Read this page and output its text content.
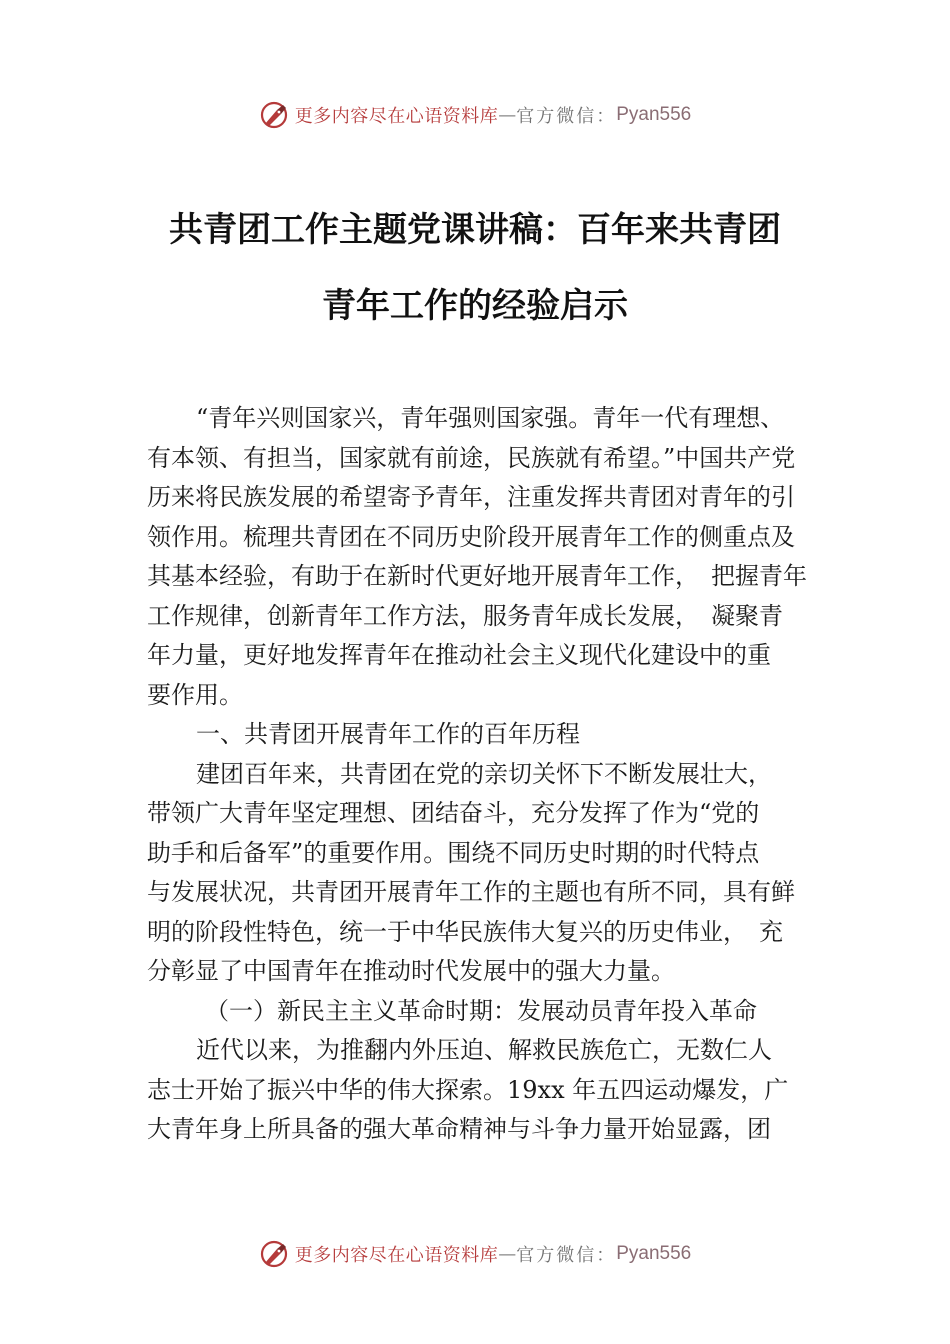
更多内容尽在心语资料库 — 官方微信： Pyan556
共青团工作主题党课讲稿：百年来共青团
青年工作的经验启示
“青年兴则国家兴，青年强则国家强。青年一代有理想、
有本领、有担当，国家就有前途，民族就有希望。”中国共产党
历来将民族发展的希望寄予青年，注重发挥共青团对青年的引
领作用。梳理共青团在不同历史阶段开展青年工作的侧重点及
其基本经验，有助于在新时代更好地开展青年工作，　把握青年
工作规律，创新青年工作方法，服务青年成长发展，　凝聚青
年力量，更好地发挥青年在推动社会主义现代化建设中的重
要作用。
一、共青团开展青年工作的百年历程
建团百年来，共青团在党的亲切关怀下不断发展壮大，
带领广大青年坚定理想、团结奋斗，充分发挥了作为“党的
助手和后备军”的重要作用。围绕不同历史时期的时代特点
与发展状况，共青团开展青年工作的主题也有所不同，具有鲜
明的阶段性特色，统一于中华民族伟大复兴的历史伟业，　充
分彰显了中国青年在推动时代发展中的强大力量。
（一）新民主主义革命时期：发展动员青年投入革命
近代以来，为推翻内外压迫、解救民族危亡，无数仁人
志士开始了振兴中华的伟大探索。19xx 年五四运动爆发，广
大青年身上所具备的强大革命精神与斗争力量开始显露，团
更多内容尽在心语资料库 — 官方微信： Pyan556
